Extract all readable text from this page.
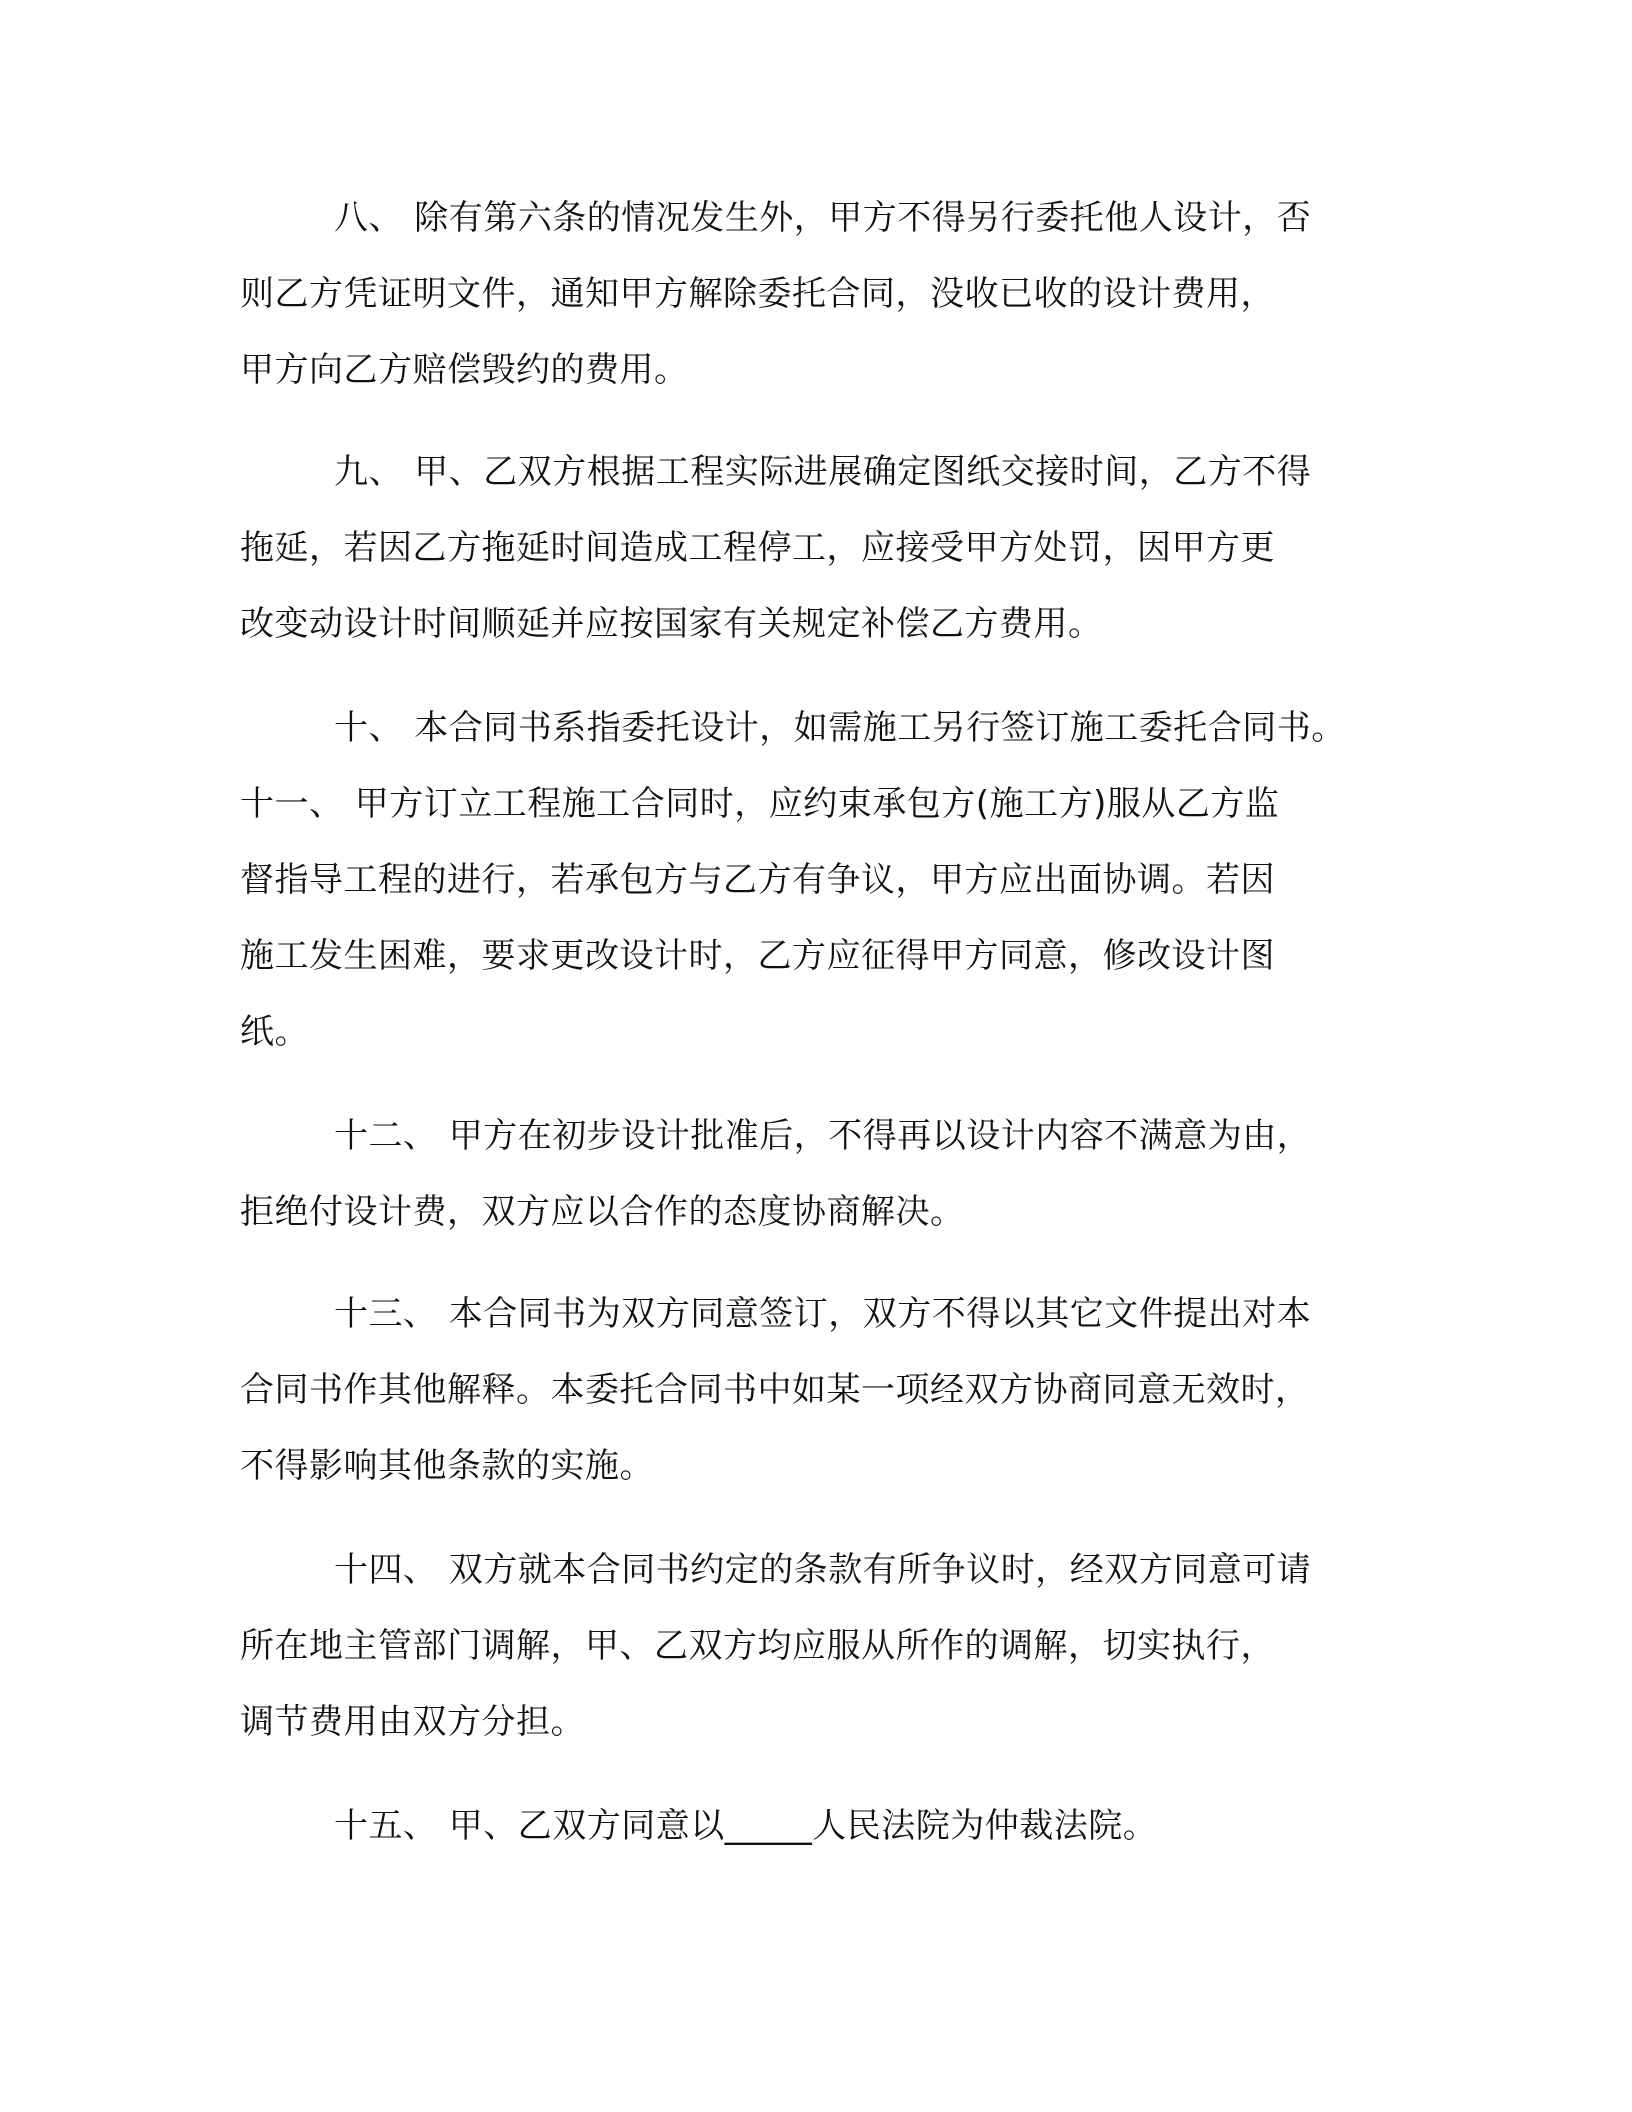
八、 除有第六条的情况发生外，甲方不得另行委托他人设计，否
则乙方凭证明文件，通知甲方解除委托合同，没收已收的设计费用，
甲方向乙方赔偿毁约的费用。
九、 甲、乙双方根据工程实际进展确定图纸交接时间，乙方不得
拖延，若因乙方拖延时间造成工程停工，应接受甲方处罚，因甲方更
改变动设计时间顺延并应按国家有关规定补偿乙方费用。
十、 本合同书系指委托设计，如需施工另行签订施工委托合同书。
十一、 甲方订立工程施工合同时，应约束承包方(施工方)服从乙方监
督指导工程的进行，若承包方与乙方有争议，甲方应出面协调。若因
施工发生困难，要求更改设计时，乙方应征得甲方同意，修改设计图
纸。
十二、 甲方在初步设计批准后，不得再以设计内容不满意为由，
拒绝付设计费，双方应以合作的态度协商解决。
十三、 本合同书为双方同意签订，双方不得以其它文件提出对本
合同书作其他解释。本委托合同书中如某一项经双方协商同意无效时，
不得影响其他条款的实施。
十四、 双方就本合同书约定的条款有所争议时，经双方同意可请
所在地主管部门调解，甲、乙双方均应服从所作的调解，切实执行，
调节费用由双方分担。
十五、 甲、乙双方同意以_____人民法院为仲裁法院。
